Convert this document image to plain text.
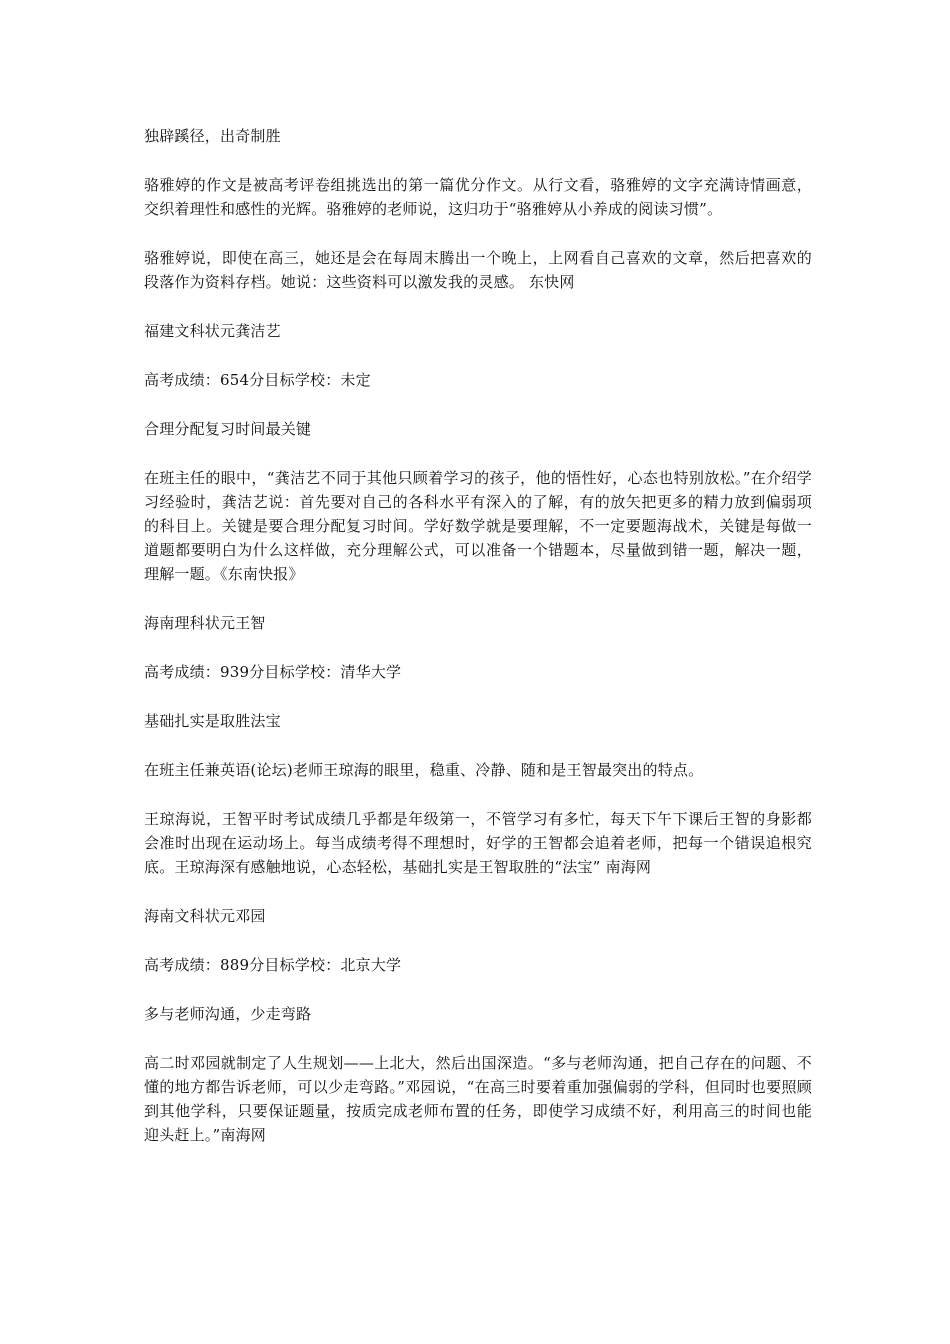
独辟蹊径，出奇制胜

骆雅婷的作文是被高考评卷组挑选出的第一篇优分作文。从行文看，骆雅婷的文字充满诗情画意，交织着理性和感性的光辉。骆雅婷的老师说，这归功于“骆雅婷从小养成的阅读习惯”。

骆雅婷说，即使在高三，她还是会在每周末腾出一个晚上，上网看自己喜欢的文章，然后把喜欢的段落作为资料存档。她说：这些资料可以激发我的灵感。 东快网

福建文科状元龚洁艺

高考成绩：654分目标学校：未定

合理分配复习时间最关键

在班主任的眼中，“龚洁艺不同于其他只顾着学习的孩子，他的悟性好，心态也特别放松。”在介绍学习经验时，龚洁艺说：首先要对自己的各科水平有深入的了解，有的放矢把更多的精力放到偏弱项的科目上。关键是要合理分配复习时间。学好数学就是要理解，不一定要题海战术，关键是每做一道题都要明白为什么这样做，充分理解公式，可以准备一个错题本，尽量做到错一题，解决一题，理解一题。《东南快报》

海南理科状元王智

高考成绩：939分目标学校：清华大学

基础扎实是取胜法宝

在班主任兼英语(论坛)老师王琼海的眼里，稳重、冷静、随和是王智最突出的特点。

王琼海说，王智平时考试成绩几乎都是年级第一，不管学习有多忙，每天下午下课后王智的身影都会准时出现在运动场上。每当成绩考得不理想时，好学的王智都会追着老师，把每一个错误追根究底。王琼海深有感触地说，心态轻松，基础扎实是王智取胜的“法宝” 南海网

海南文科状元邓园

高考成绩：889分目标学校：北京大学

多与老师沟通，少走弯路

高二时邓园就制定了人生规划——上北大，然后出国深造。“多与老师沟通，把自己存在的问题、不懂的地方都告诉老师，可以少走弯路。”邓园说，“在高三时要着重加强偏弱的学科，但同时也要照顾到其他学科，只要保证题量，按质完成老师布置的任务，即使学习成绩不好，利用高三的时间也能迎头赶上。”南海网
